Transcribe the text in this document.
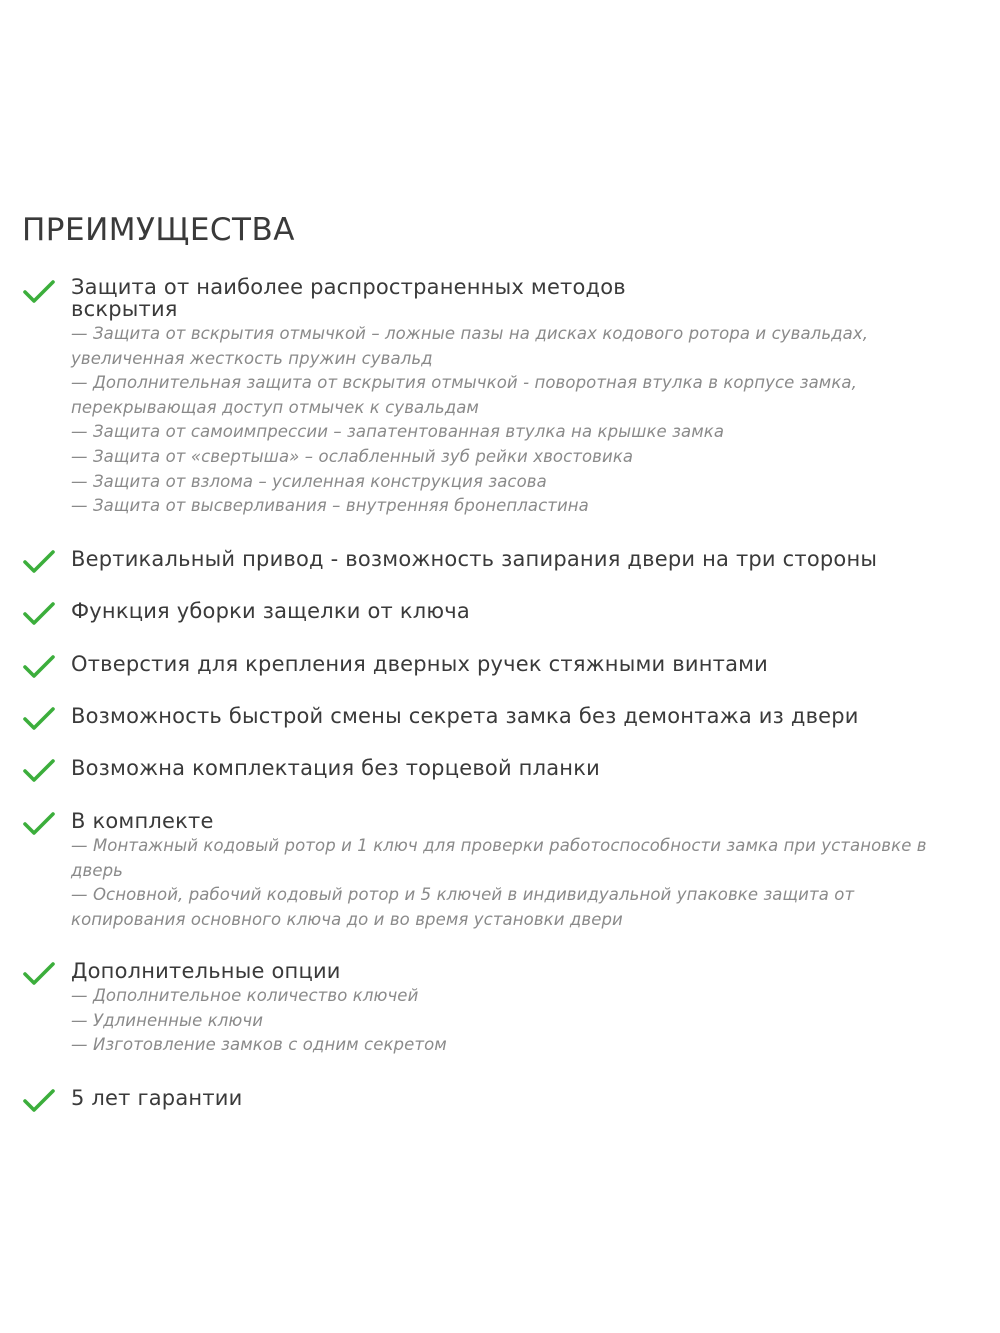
ПРЕИМУЩЕСТВА
Защита от наиболее распространенных методов вскрытия
— Защита от вскрытия отмычкой – ложные пазы на дисках кодового ротора и сувальдах, увеличенная жесткость пружин сувальд
— Дополнительная защита от вскрытия отмычкой - поворотная втулка в корпусе замка, перекрывающая доступ отмычек к сувальдам
— Защита от самоимпрессии – запатентованная втулка на крышке замка
— Защита от «свертыша» – ослабленный зуб рейки хвостовика
— Защита от взлома – усиленная конструкция засова
— Защита от высверливания – внутренняя бронепластина
Вертикальный привод - возможность запирания двери на три стороны
Функция уборки защелки от ключа
Отверстия для крепления дверных ручек стяжными винтами
Возможность быстрой смены секрета замка без демонтажа из двери
Возможна комплектация без торцевой планки
В комплекте
— Монтажный кодовый ротор и 1 ключ для проверки работоспособности замка при установке в дверь
— Основной, рабочий кодовый ротор и 5 ключей в индивидуальной упаковке защита от копирования основного ключа до и во время установки двери
Дополнительные опции
— Дополнительное количество ключей
— Удлиненные ключи
— Изготовление замков с одним секретом
5 лет гарантии
